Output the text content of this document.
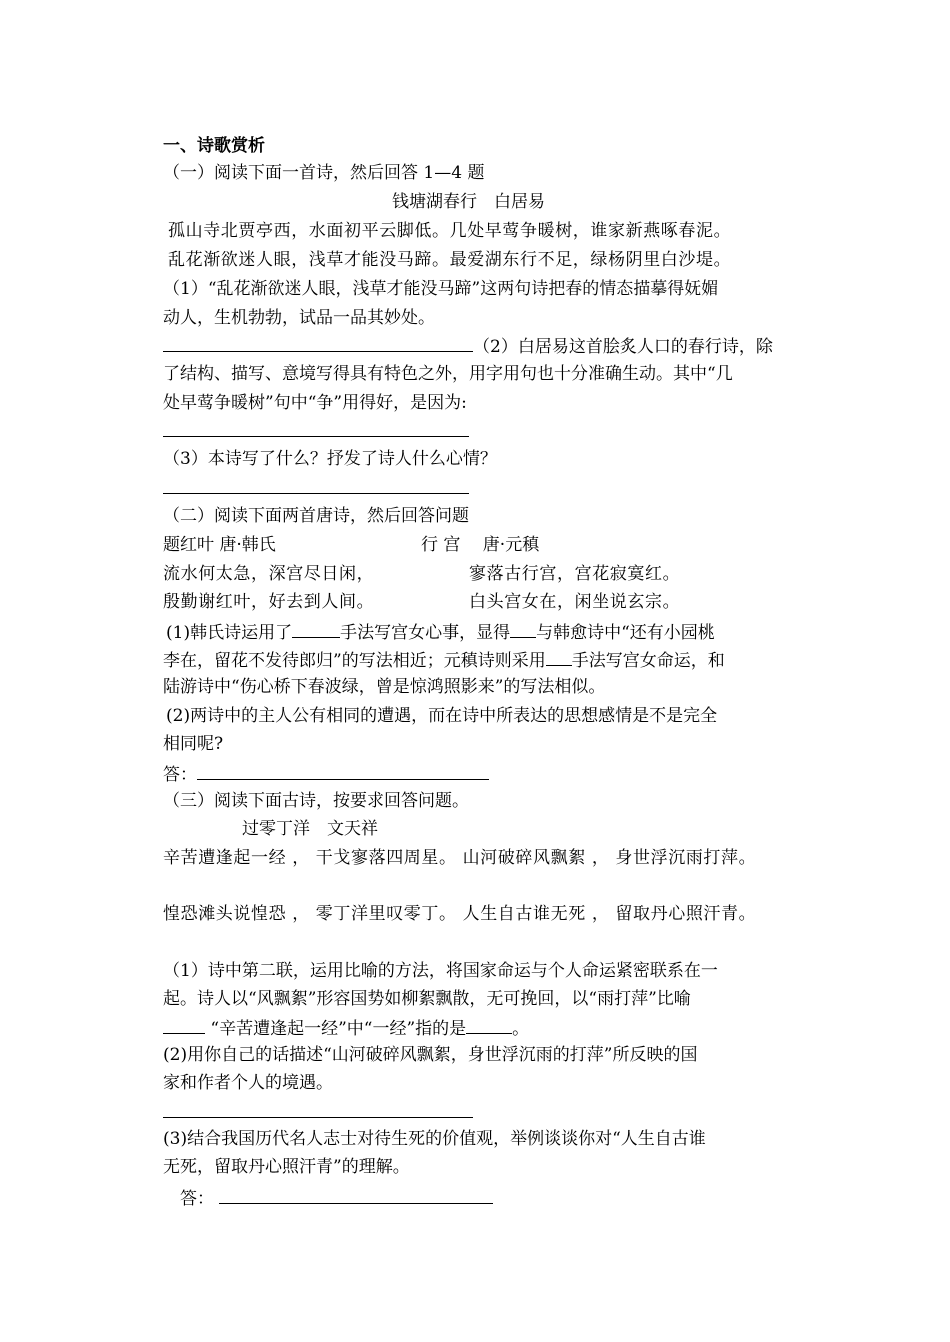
一、诗歌赏析
（一）阅读下面一首诗，然后回答 1—4 题
钱塘湖春行　白居易
孤山寺北贾亭西，水面初平云脚低。几处早莺争暖树，谁家新燕啄春泥。
乱花渐欲迷人眼，浅草才能没马蹄。最爱湖东行不足，绿杨阴里白沙堤。
（1）“乱花渐欲迷人眼，浅草才能没马蹄”这两句诗把春的情态描摹得妩媚
动人，生机勃勃，试品一品其妙处。
（2）白居易这首脍炙人口的春行诗，除
了结构、描写、意境写得具有特色之外，用字用句也十分准确生动。其中“几
处早莺争暖树”句中“争”用得好，是因为:
（3）本诗写了什么？抒发了诗人什么心情？
（二）阅读下面两首唐诗，然后回答问题
题红叶 唐·韩氏	行 宫　 唐·元稹
流水何太急，深宫尽日闲，	寥落古行宫，宫花寂寞红。
殷勤谢红叶，好去到人间。	白头宫女在，闲坐说玄宗。
(1)韩氏诗运用了	手法写宫女心事，显得 与韩愈诗中“还有小园桃
李在，留花不发待郎归”的写法相近；元稹诗则采用 手法写宫女命运，和
陆游诗中“伤心桥下春波绿，曾是惊鸿照影来”的写法相似。
(2)两诗中的主人公有相同的遭遇，而在诗中所表达的思想感情是不是完全
相同呢?
答：
（三）阅读下面古诗，按要求回答问题。
过零丁洋　文天祥
辛苦遭逢起一经 ， 干戈寥落四周星。 山河破碎风飘絮 ， 身世浮沉雨打萍。
惶恐滩头说惶恐 ， 零丁洋里叹零丁。 人生自古谁无死 ， 留取丹心照汗青。
（1）诗中第二联，运用比喻的方法，将国家命运与个人命运紧密联系在一
起。诗人以“风飘絮”形容国势如柳絮飘散，无可挽回，以“雨打萍”比喻
“辛苦遭逢起一经”中“一经”指的是	。
(2)用你自己的话描述“山河破碎风飘絮，身世浮沉雨的打萍”所反映的国
家和作者个人的境遇。
(3)结合我国历代名人志士对待生死的价值观，举例谈谈你对“人生自古谁
无死，留取丹心照汗青”的理解。
答：
